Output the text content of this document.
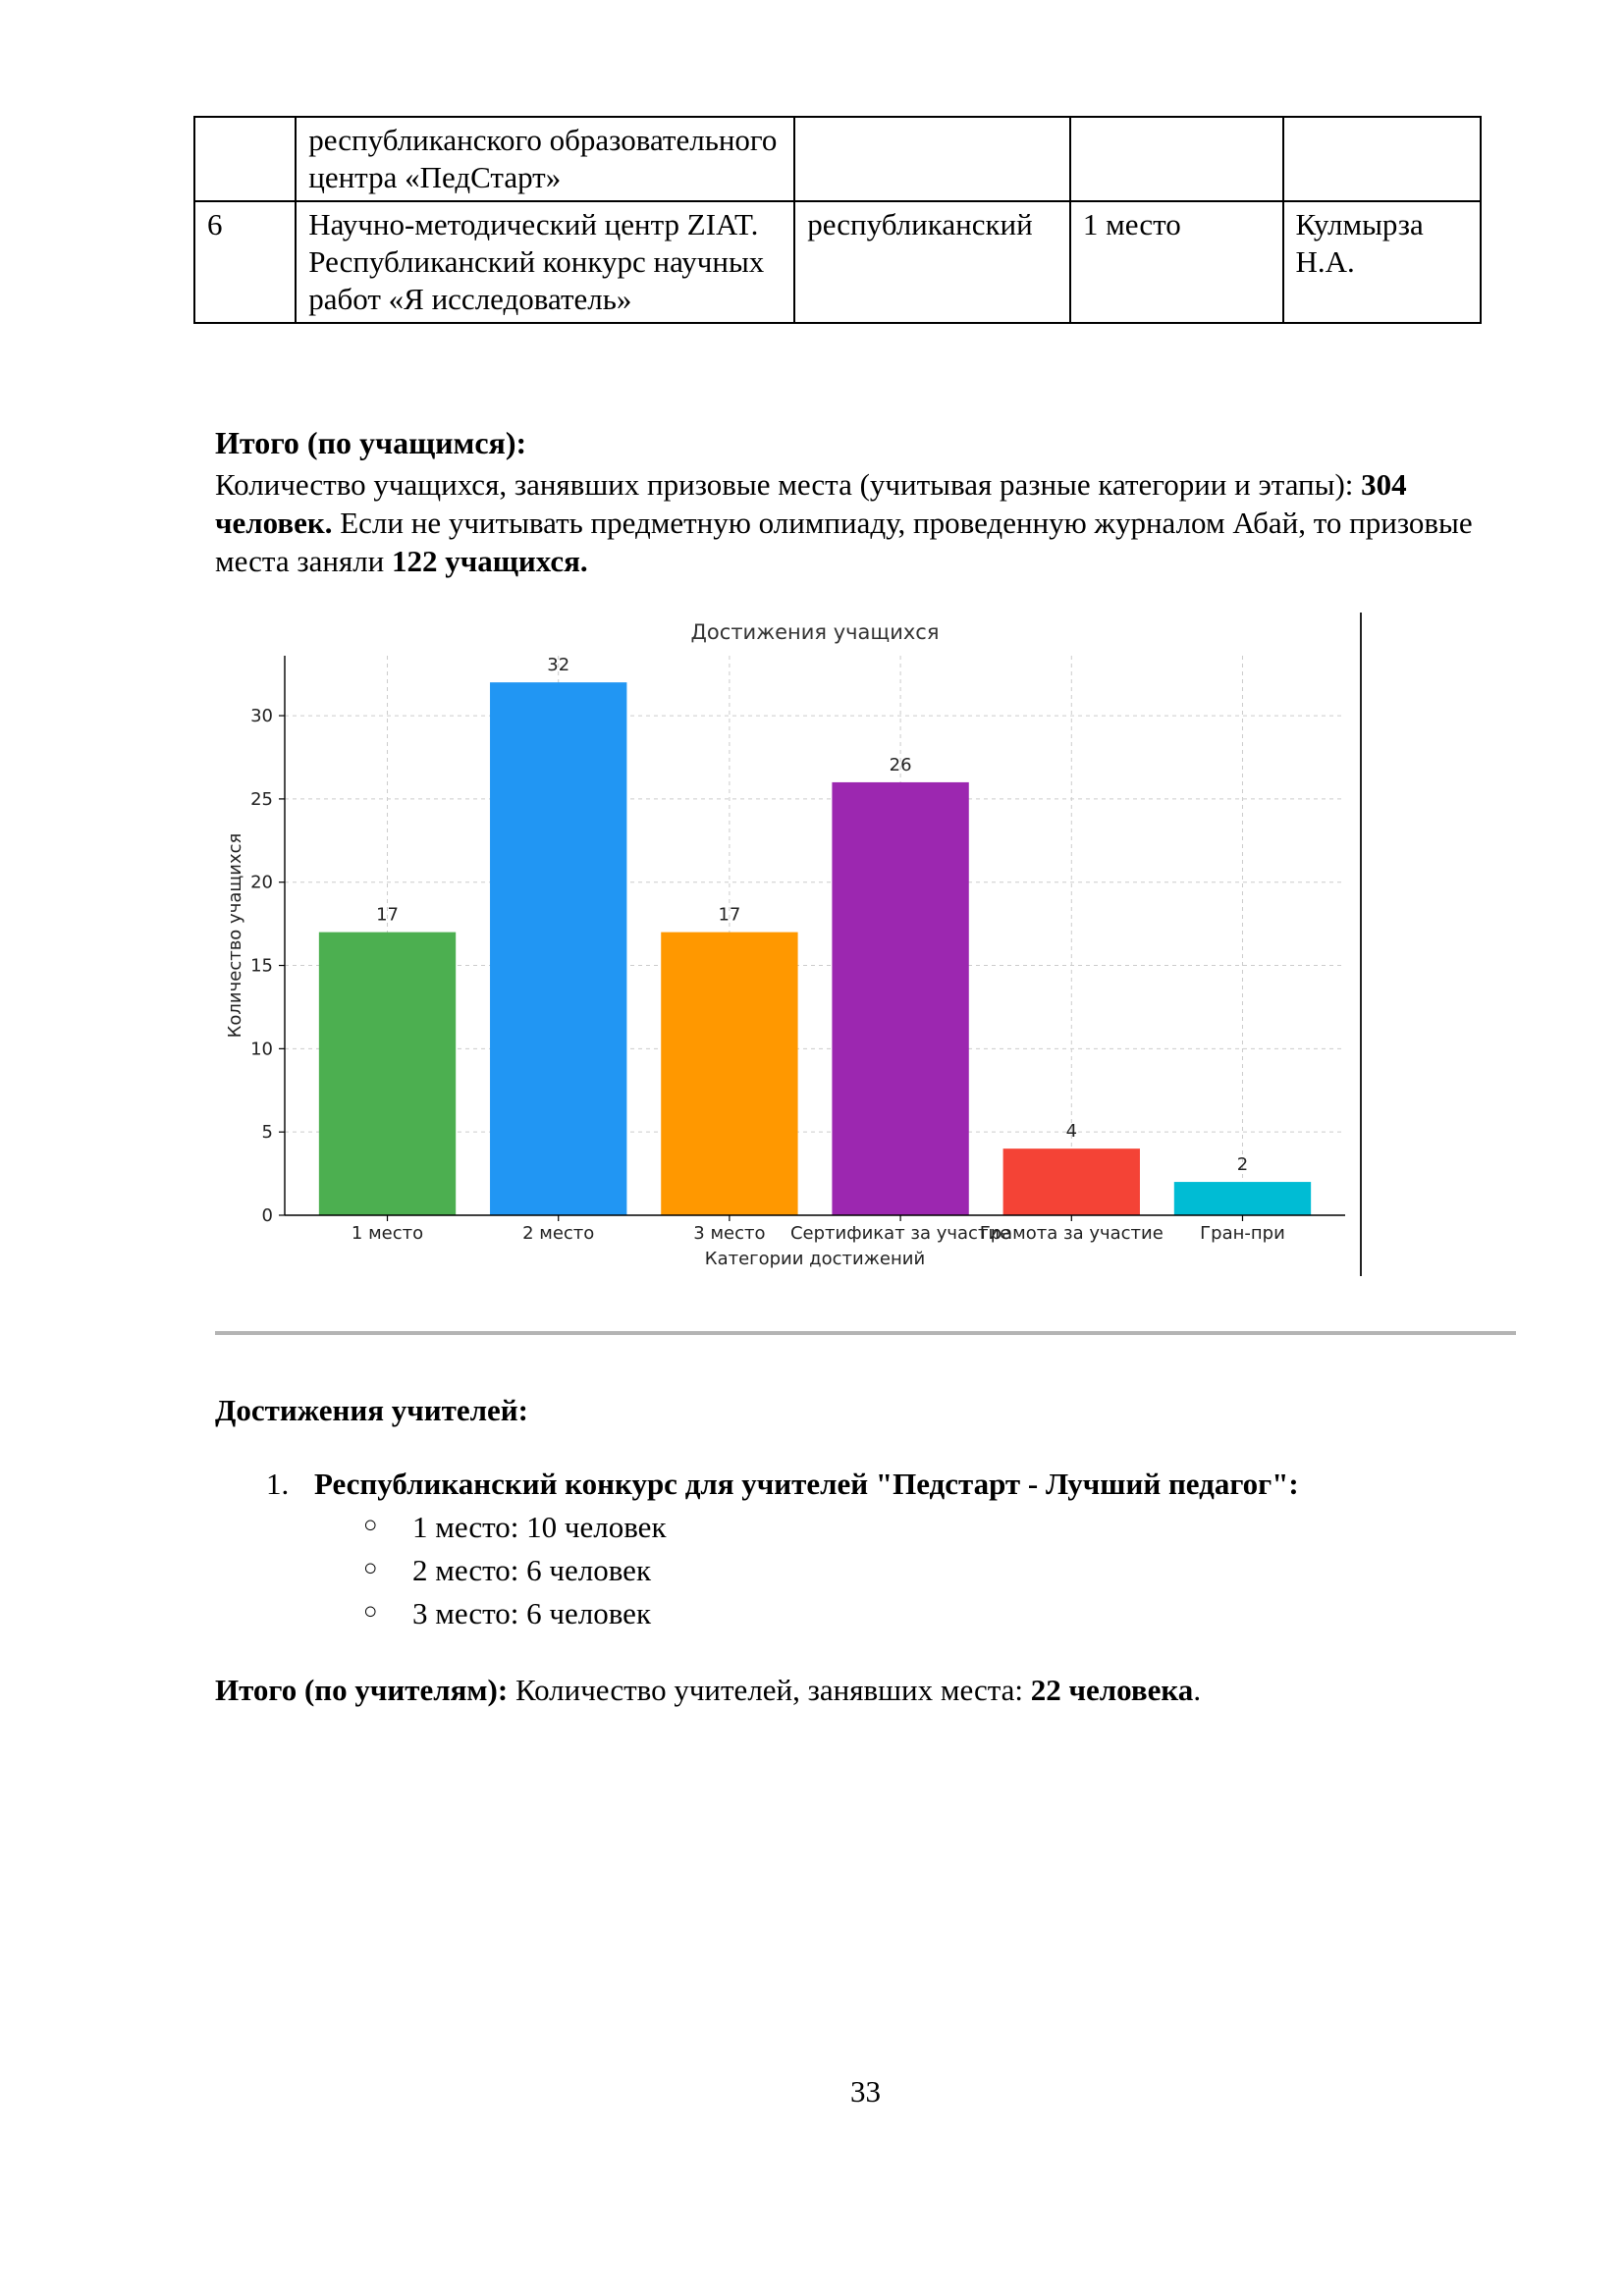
	республиканского образовательного центра «ПедСтарт»			
6	Научно-методический центр ZIAT. Республиканский конкурс научных работ «Я исследователь»	республиканский	1 место	Кулмырза Н.А.
Итого (по учащимся):
Количество учащихся, занявших призовые места (учитывая разные категории и этапы): 304 человек. Если не учитывать предметную олимпиаду, проведенную журналом Абай, то призовые места заняли 122 учащихся.
0
5
10
15
20
25
30
17
1 место
32
2 место
17
3 место
26
Сертификат за участие
4
Грамота за участие
2
Гран-при
Достижения учащихся
Категории достижений
Количество учащихся
Достижения учителей:
1. Республиканский конкурс для учителей "Педстарт - Лучший педагог":
○ 1 место: 10 человек
○ 2 место: 6 человек
○ 3 место: 6 человек
Итого (по учителям): Количество учителей, занявших места: 22 человека.
33
